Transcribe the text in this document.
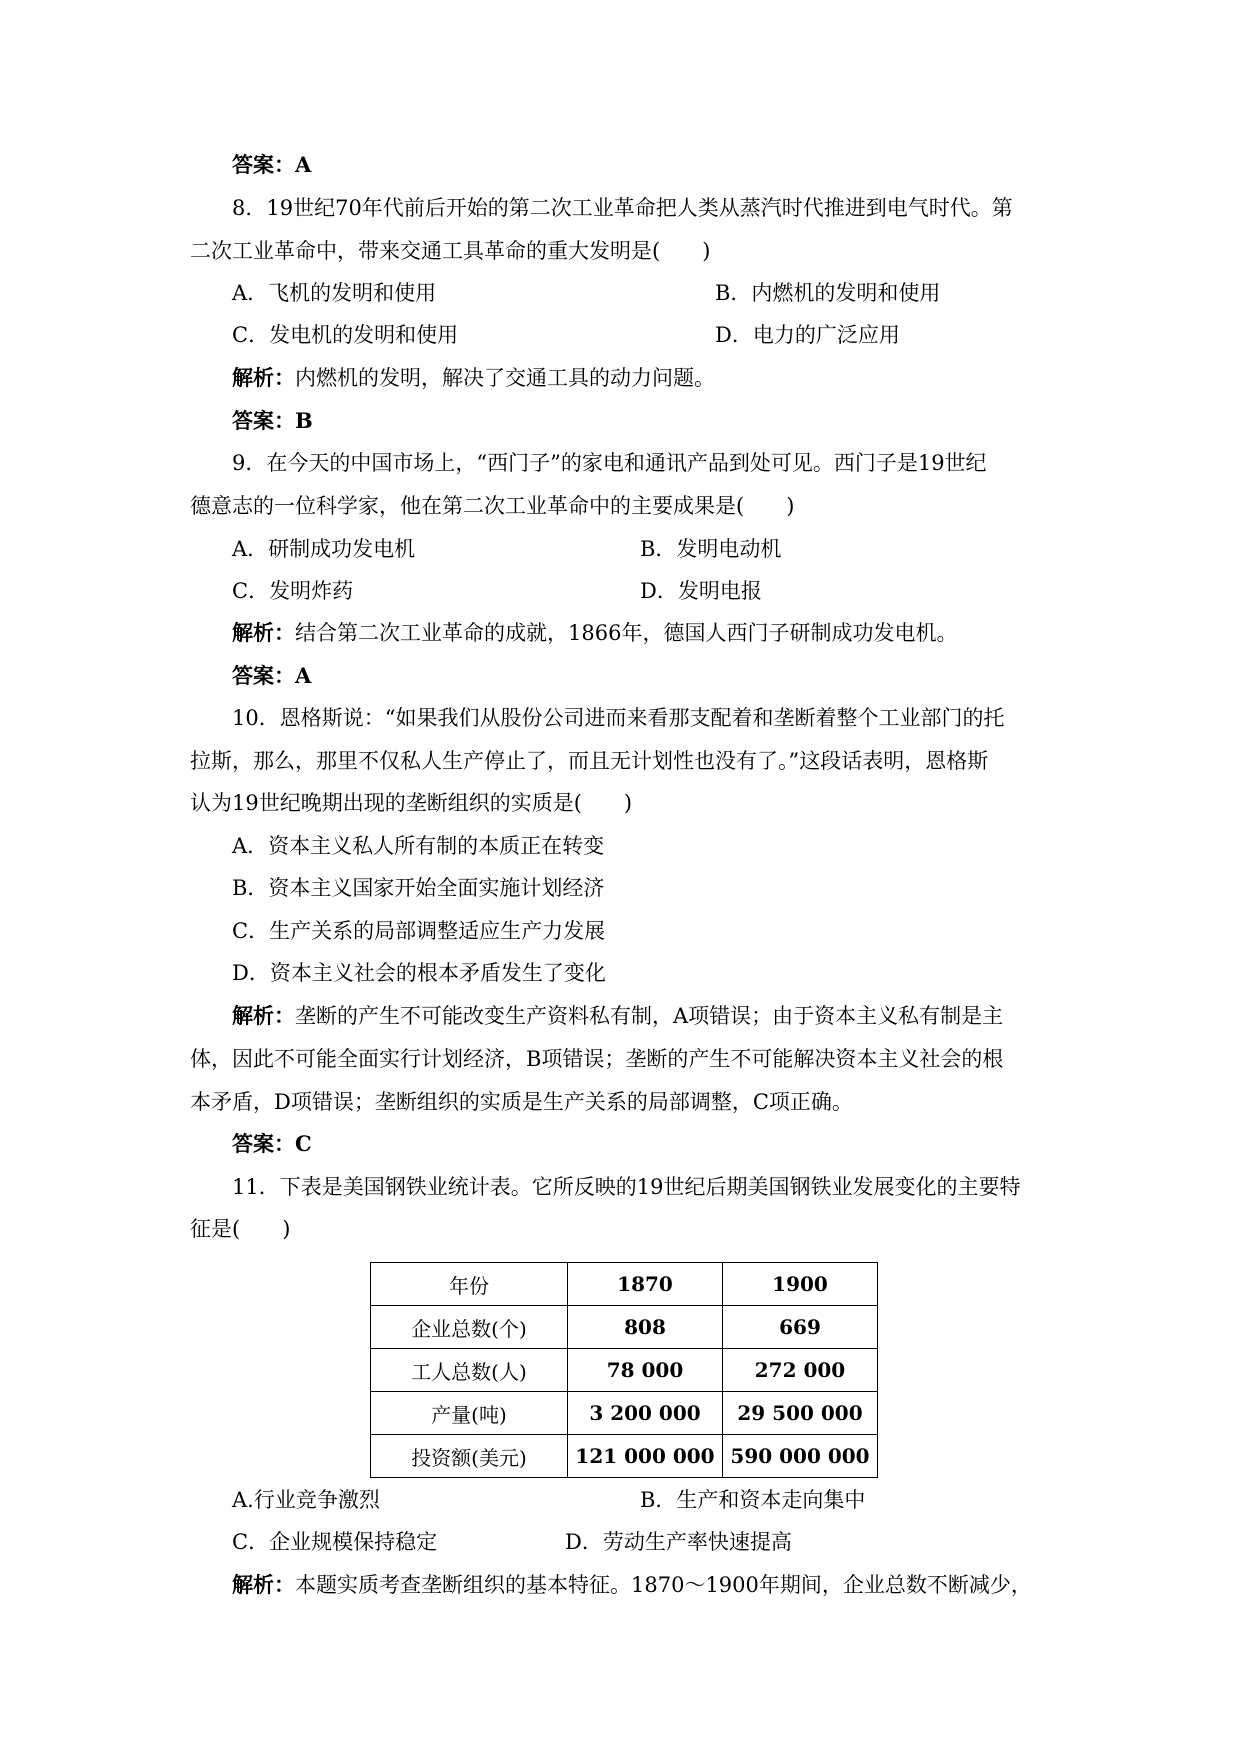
答案：A
8．19世纪70年代前后开始的第二次工业革命把人类从蒸汽时代推进到电气时代。第
二次工业革命中，带来交通工具革命的重大发明是(　　)
A．飞机的发明和使用	B．内燃机的发明和使用
C．发电机的发明和使用	D．电力的广泛应用
解析：内燃机的发明，解决了交通工具的动力问题。
答案：B
9．在今天的中国市场上，“西门子”的家电和通讯产品到处可见。西门子是19世纪
德意志的一位科学家，他在第二次工业革命中的主要成果是(　　)
A．研制成功发电机	B．发明电动机
C．发明炸药	D．发明电报
解析：结合第二次工业革命的成就，1866年，德国人西门子研制成功发电机。
答案：A
10．恩格斯说：“如果我们从股份公司进而来看那支配着和垄断着整个工业部门的托
拉斯，那么，那里不仅私人生产停止了，而且无计划性也没有了。”这段话表明，恩格斯
认为19世纪晚期出现的垄断组织的实质是(　　)
A．资本主义私人所有制的本质正在转变
B．资本主义国家开始全面实施计划经济
C．生产关系的局部调整适应生产力发展
D．资本主义社会的根本矛盾发生了变化
解析：垄断的产生不可能改变生产资料私有制，A项错误；由于资本主义私有制是主
体，因此不可能全面实行计划经济，B项错误；垄断的产生不可能解决资本主义社会的根
本矛盾，D项错误；垄断组织的实质是生产关系的局部调整，C项正确。
答案：C
11．下表是美国钢铁业统计表。它所反映的19世纪后期美国钢铁业发展变化的主要特
征是(　　)
年份	1870	1900
企业总数(个)	808	669
工人总数(人)	78 000	272 000
产量(吨)	3 200 000	29 500 000
投资额(美元)	121 000 000	590 000 000
A.行业竞争激烈	B．生产和资本走向集中
C．企业规模保持稳定	D．劳动生产率快速提高
解析：本题实质考查垄断组织的基本特征。1870～1900年期间，企业总数不断减少，
